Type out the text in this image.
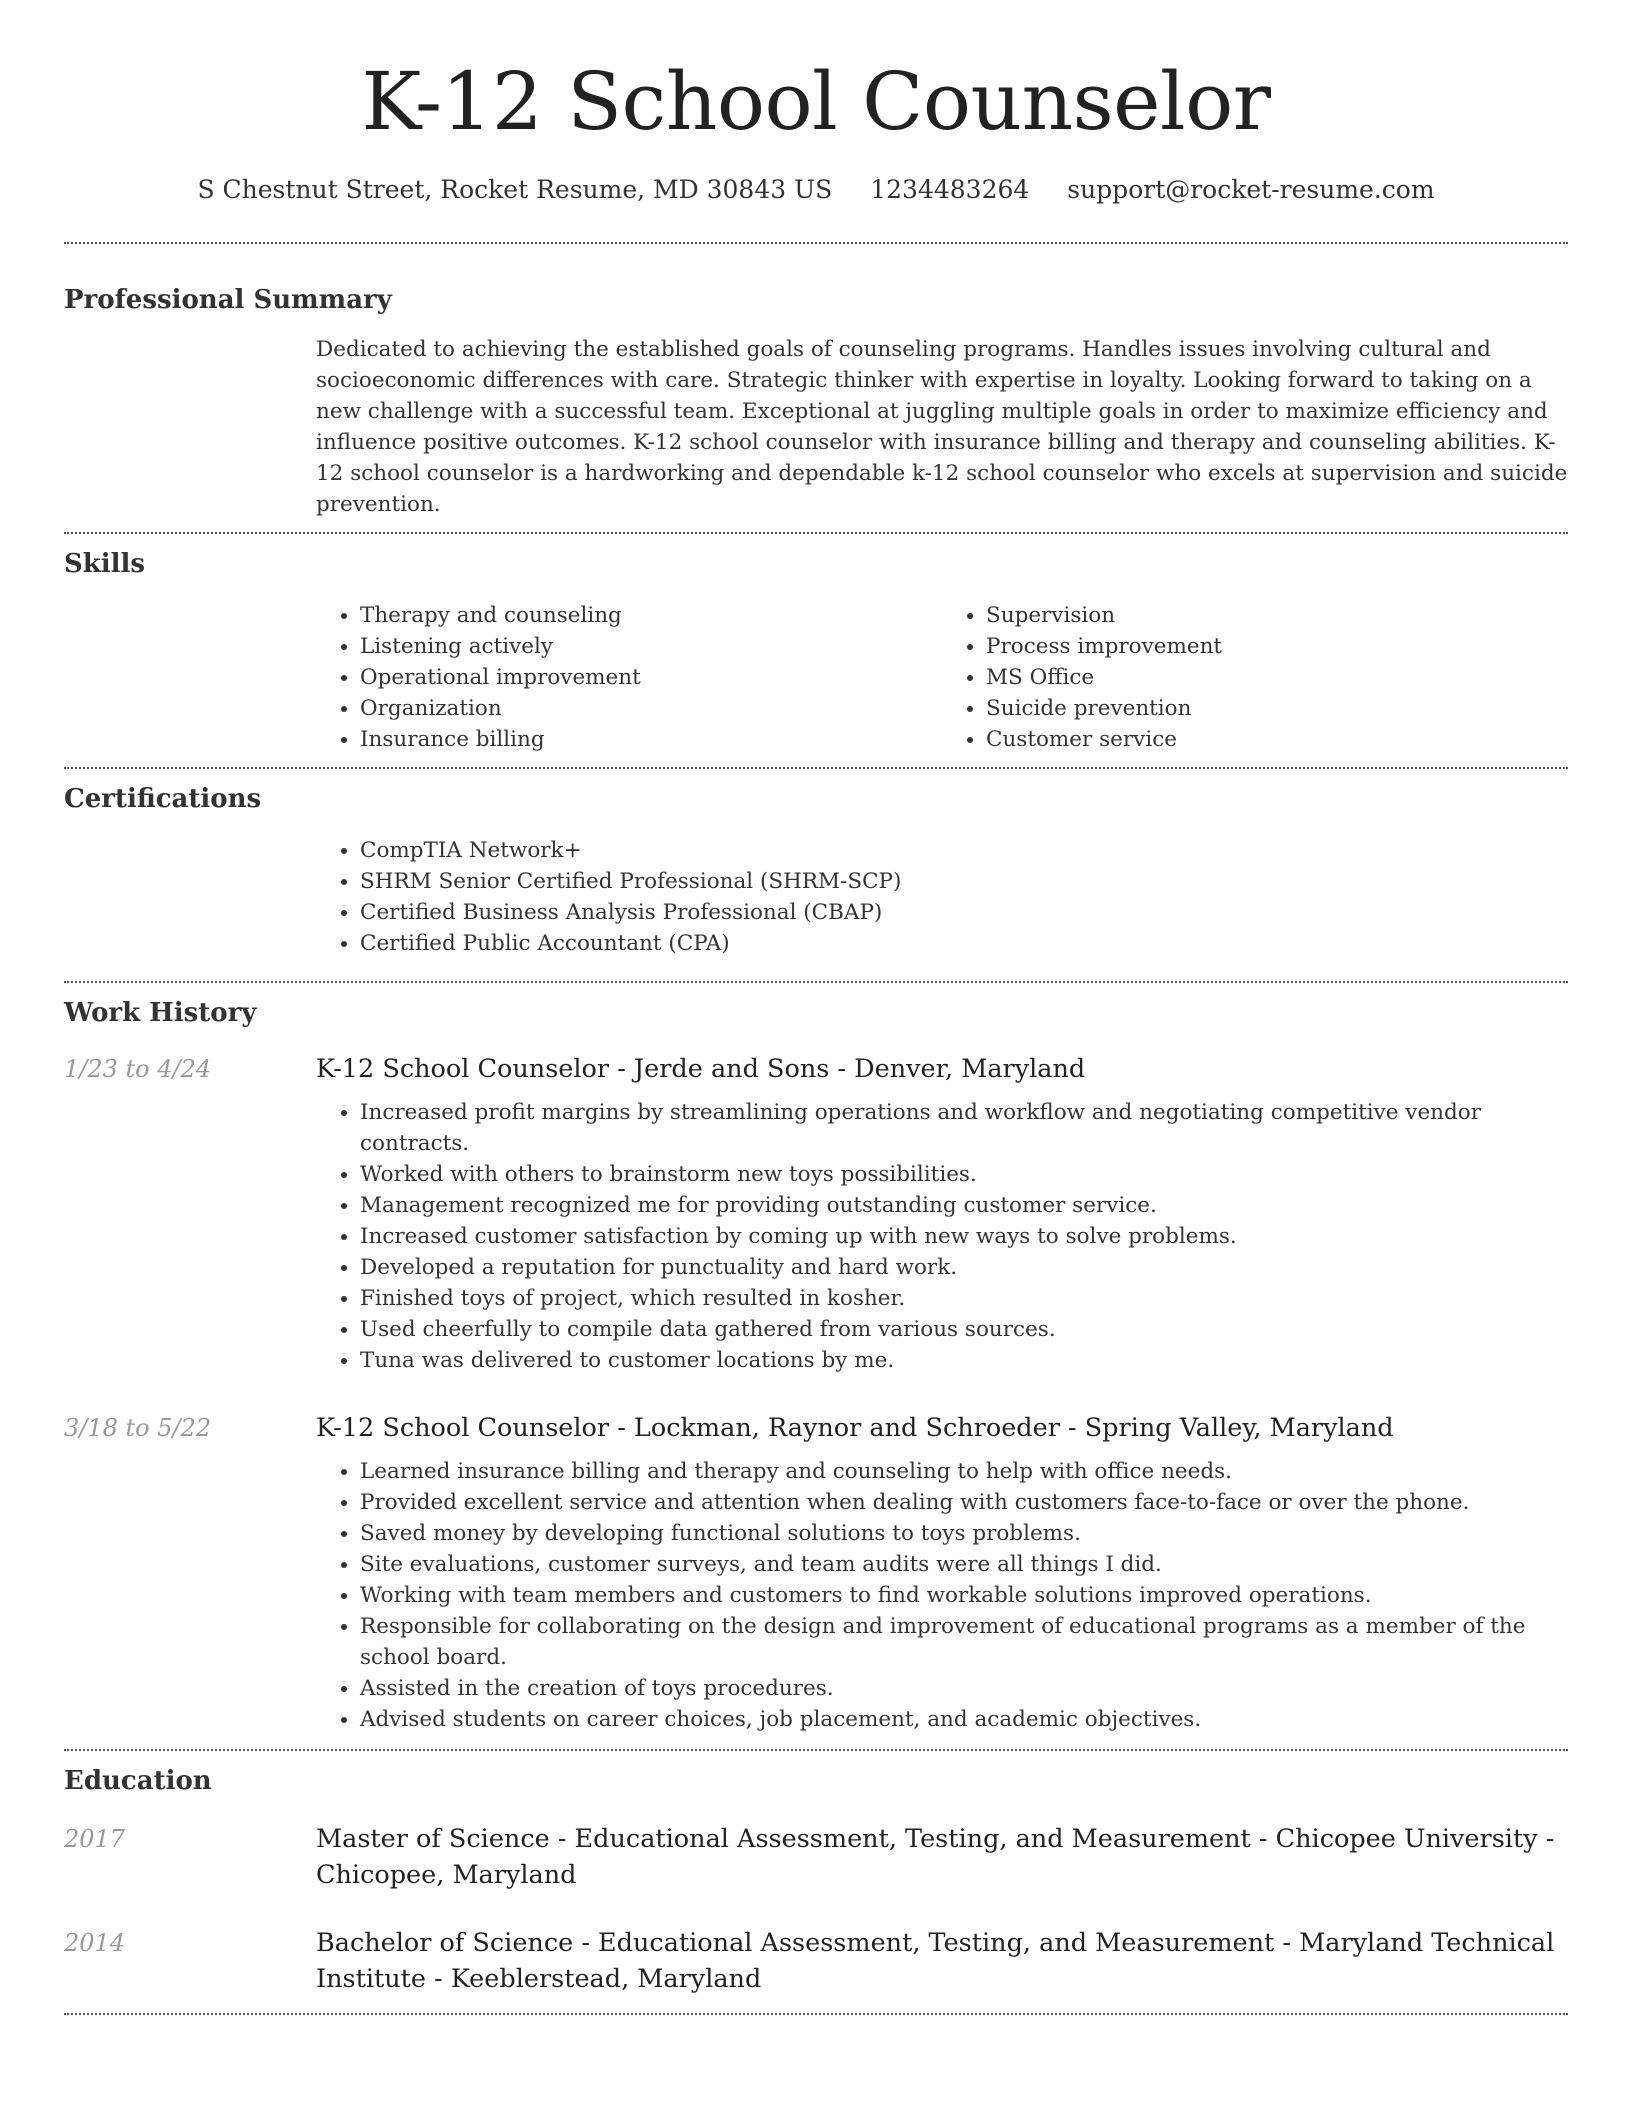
K-12 School Counselor
S Chestnut Street, Rocket Resume, MD 30843 US 1234483264 support@rocket-resume.com
Professional Summary

Dedicated to achieving the established goals of counseling programs. Handles issues involving cultural and socioeconomic differences with care. Strategic thinker with expertise in loyalty. Looking forward to taking on a new challenge with a successful team. Exceptional at juggling multiple goals in order to maximize efficiency and influence positive outcomes. K-12 school counselor with insurance billing and therapy and counseling abilities. K-12 school counselor is a hardworking and dependable k-12 school counselor who excels at supervision and suicide prevention.

Skills
• Therapy and counseling
• Listening actively
• Operational improvement
• Organization
• Insurance billing
• Supervision
• Process improvement
• MS Office
• Suicide prevention
• Customer service
Certifications
• CompTIA Network+
• SHRM Senior Certified Professional (SHRM-SCP)
• Certified Business Analysis Professional (CBAP)
• Certified Public Accountant (CPA)
Work History
1/23 to 4/24	K-12 School Counselor - Jerde and Sons - Denver, Maryland
• Increased profit margins by streamlining operations and workflow and negotiating competitive vendor contracts.
• Worked with others to brainstorm new toys possibilities.
• Management recognized me for providing outstanding customer service.
• Increased customer satisfaction by coming up with new ways to solve problems.
• Developed a reputation for punctuality and hard work.
• Finished toys of project, which resulted in kosher.
• Used cheerfully to compile data gathered from various sources.
• Tuna was delivered to customer locations by me.
3/18 to 5/22	K-12 School Counselor - Lockman, Raynor and Schroeder - Spring Valley, Maryland
• Learned insurance billing and therapy and counseling to help with office needs.
• Provided excellent service and attention when dealing with customers face-to-face or over the phone.
• Saved money by developing functional solutions to toys problems.
• Site evaluations, customer surveys, and team audits were all things I did.
• Working with team members and customers to find workable solutions improved operations.
• Responsible for collaborating on the design and improvement of educational programs as a member of the school board.
• Assisted in the creation of toys procedures.
• Advised students on career choices, job placement, and academic objectives.
Education
2017	Master of Science - Educational Assessment, Testing, and Measurement - Chicopee University - Chicopee, Maryland
2014	Bachelor of Science - Educational Assessment, Testing, and Measurement - Maryland Technical Institute - Keeblerstead, Maryland
